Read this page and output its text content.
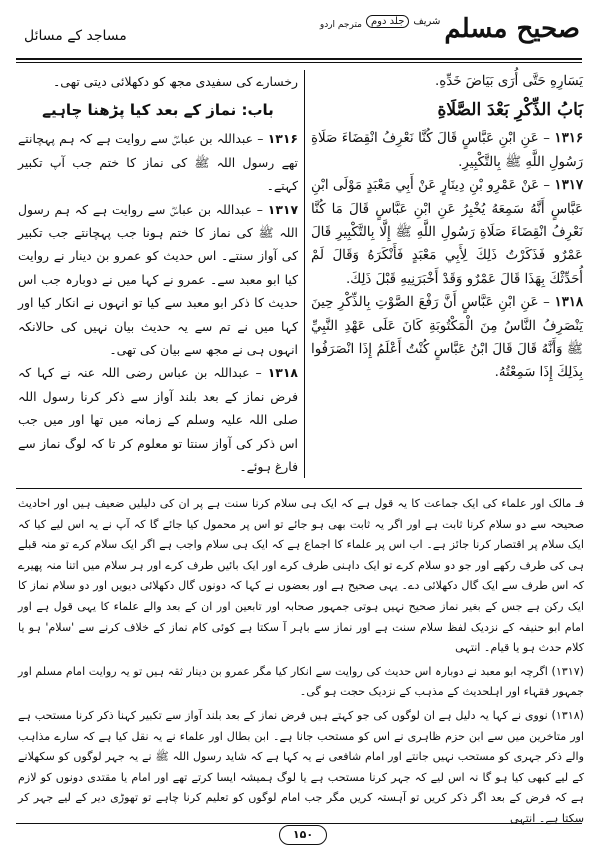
صحیح مسلم
شریف
جلد دوم
مترجم اردو
مساجد کے مسائل

يَسَارِهِ حَتَّى أُرَى بَيَاضَ خَدِّهِ.

بَابُ الذِّكْرِ بَعْدَ الصَّلَاةِ

۱۳۱۶ – عَنِ ابْنِ عَبَّاسٍ قَالَ كُنَّا نَعْرِفُ انْقِضَاءَ صَلَاةِ رَسُولِ اللَّهِ ﷺ بِالتَّكْبِيرِ.

۱۳۱۷ – عَنْ عَمْرِو بْنِ دِينَارٍ عَنْ أَبِي مَعْبَدٍ مَوْلَى ابْنِ عَبَّاسٍ أَنَّهُ سَمِعَهُ يُخْبِرُ عَنِ ابْنِ عَبَّاسٍ قَالَ مَا كُنَّا نَعْرِفُ انْقِضَاءَ صَلَاةِ رَسُولِ اللَّهِ ﷺ إِلَّا بِالتَّكْبِيرِ قَالَ عَمْرٌو فَذَكَرْتُ ذَلِكَ لِأَبِي مَعْبَدٍ فَأَنْكَرَهُ وَقَالَ لَمْ أُحَدِّثْكَ بِهَذَا قَالَ عَمْرٌو وَقَدْ أَخْبَرَنِيهِ قَبْلَ ذَلِكَ.

۱۳۱۸ – عَنِ ابْنِ عَبَّاسٍ أَنَّ رَفْعَ الصَّوْتِ بِالذِّكْرِ حِينَ يَنْصَرِفُ النَّاسُ مِنَ الْمَكْتُوبَةِ كَانَ عَلَى عَهْدِ النَّبِيِّ ﷺ وَأَنَّهُ قَالَ قَالَ ابْنُ عَبَّاسٍ كُنْتُ أَعْلَمُ إِذَا انْصَرَفُوا بِذَلِكَ إِذَا سَمِعْتُهُ.

رخسارے کی سفیدی مجھ کو دکھلائی دیتی تھی۔

باب: نماز کے بعد کیا پڑھنا چاہیے

۱۳۱۶ – عبداللہ بن عباسؓ سے روایت ہے کہ ہم پہچانتے تھے رسول اللہ ﷺ کی نماز کا ختم جب آپ تکبیر کہتے۔

۱۳۱۷ – عبداللہ بن عباسؓ سے روایت ہے کہ ہم رسول اللہ ﷺ کی نماز کا ختم ہونا جب پہچانتے جب تکبیر کی آواز سنتے۔ اس حدیث کو عمرو بن دینار نے روایت کیا ابو معبد سے۔ عمرو نے کہا میں نے دوبارہ جب اس حدیث کا ذکر ابو معبد سے کیا تو انہوں نے انکار کیا اور کہا میں نے تم سے یہ حدیث بیان نہیں کی حالانکہ انہوں ہی نے مجھ سے بیان کی تھی۔

۱۳۱۸ – عبداللہ بن عباس رضی اللہ عنہ نے کہا کہ فرض نماز کے بعد بلند آواز سے ذکر کرنا رسول اللہ صلی اللہ علیہ وسلم کے زمانہ میں تھا اور میں جب اس ذکر کی آواز سنتا تو معلوم کر تا کہ لوگ نماز سے فارغ ہوئے۔

فـ مالک اور علماء کی ایک جماعت کا یہ قول ہے کہ ایک ہی سلام کرنا سنت ہے پر ان کی دلیلیں ضعیف ہیں اور احادیث صحیحہ سے دو سلام کرنا ثابت ہے اور اگر یہ ثابت بھی ہو جائے تو اس پر محمول کیا جائے گا کہ آپ نے یہ اس لیے کیا کہ ایک سلام پر اقتصار کرنا جائز ہے۔ اب اس پر علماء کا اجماع ہے کہ ایک ہی سلام واجب ہے اگر ایک سلام کرے تو منہ قبلے ہی کی طرف رکھے اور جو دو سلام کرے تو ایک داہنی طرف کرے اور ایک بائیں طرف کرے اور ہر سلام میں اتنا منہ پھیرے کہ اس طرف سے ایک گال دکھلائی دے۔ یہی صحیح ہے اور بعضوں نے کہا کہ دونوں گال دکھلائی دیویں اور دو سلام نماز کا ایک رکن ہے جس کے بغیر نماز صحیح نہیں ہوتی جمہور صحابہ اور تابعین اور ان کے بعد والے علماء کا یہی قول ہے اور امام ابو حنیفہ کے نزدیک لفظ سلام سنت ہے اور نماز سے باہر آ سکتا ہے کوئی کام نماز کے خلاف کرنے سے 'سلام' ہو یا کلام حدث ہو یا قیام۔ انتہی

(۱۳۱۷) اگرچہ ابو معبد نے دوبارہ اس حدیث کی روایت سے انکار کیا مگر عمرو بن دینار ثقہ ہیں تو یہ روایت امام مسلم اور جمہور فقہاء اور اہلحدیث کے مذہب کے نزدیک حجت ہو گی۔

(۱۳۱۸) نووی نے کہا یہ دلیل ہے ان لوگوں کی جو کہتے ہیں فرض نماز کے بعد بلند آواز سے تکبیر کہنا ذکر کرنا مستحب ہے اور متاخرین میں سے ابن حزم ظاہری نے اس کو مستحب جانا ہے۔ ابن بطال اور علماء نے یہ نقل کیا ہے کہ سارے مذاہب والے ذکر جہری کو مستحب نہیں جانتے اور امام شافعی نے یہ کہا ہے کہ شاید رسول اللہ ﷺ نے یہ جہر لوگوں کو سکھلانے کے لیے کبھی کیا ہو گا نہ اس لیے کہ جہر کرنا مستحب ہے یا لوگ ہمیشہ ایسا کرتے تھے اور امام یا مقتدی دونوں کو لازم ہے کہ فرض کے بعد اگر ذکر کریں تو آہستہ کریں مگر جب امام لوگوں کو تعلیم کرنا چاہے تو تھوڑی دیر کے لیے جہر کر سکتا ہے۔ انتہی

۱۵۰
